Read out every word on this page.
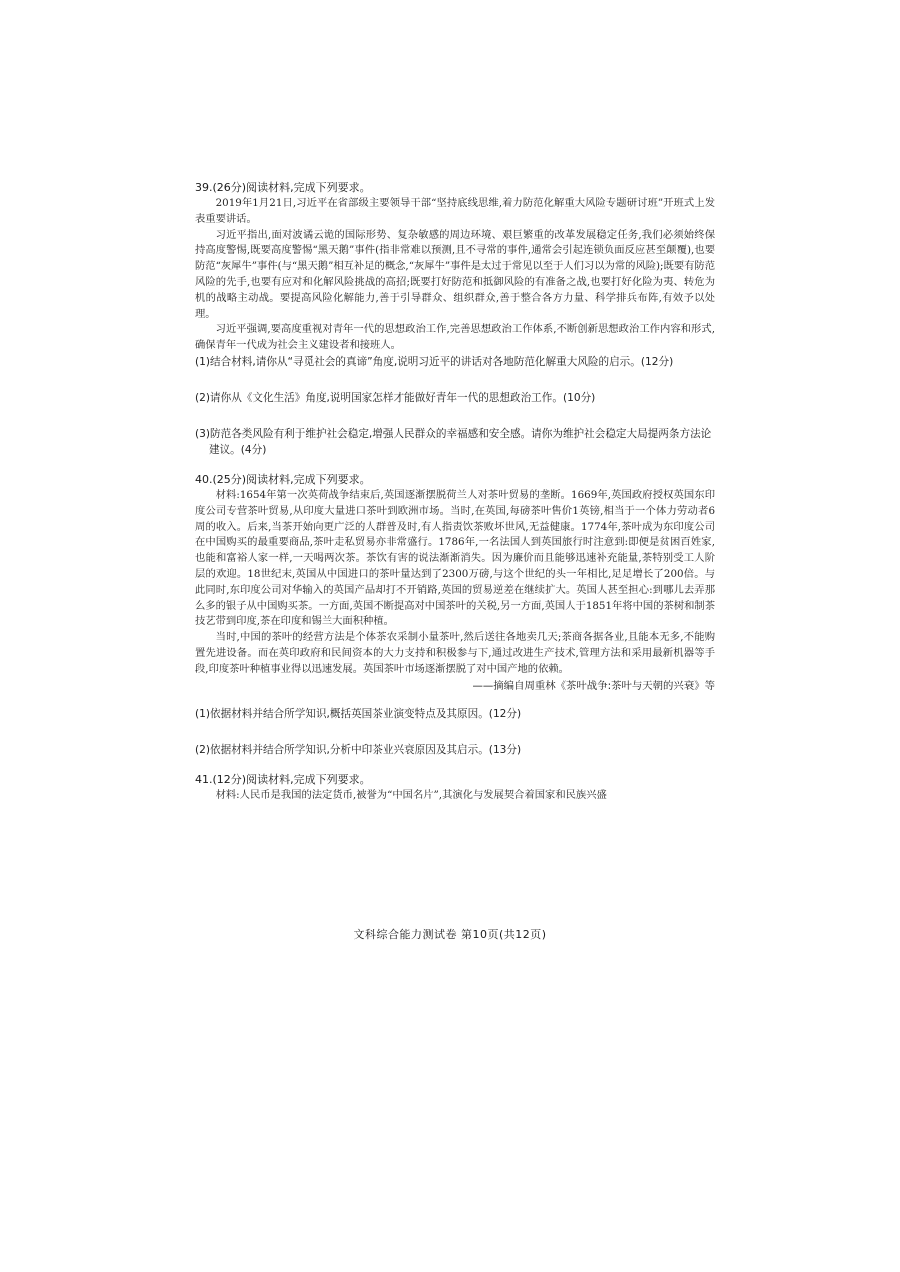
39.(26分)阅读材料,完成下列要求。

2019年1月21日,习近平在省部级主要领导干部“坚持底线思维,着力防范化解重大风险专题研讨班”开班式上发表重要讲话。

习近平指出,面对波谲云诡的国际形势、复杂敏感的周边环境、艰巨繁重的改革发展稳定任务,我们必须始终保持高度警惕,既要高度警惕“黑天鹅”事件(指非常难以预测,且不寻常的事件,通常会引起连锁负面反应甚至颠覆),也要防范“灰犀牛”事件(与“黑天鹅”相互补足的概念,“灰犀牛”事件是太过于常见以至于人们习以为常的风险);既要有防范风险的先手,也要有应对和化解风险挑战的高招;既要打好防范和抵御风险的有准备之战,也要打好化险为夷、转危为机的战略主动战。要提高风险化解能力,善于引导群众、组织群众,善于整合各方力量、科学排兵布阵,有效予以处理。

习近平强调,要高度重视对青年一代的思想政治工作,完善思想政治工作体系,不断创新思想政治工作内容和形式,确保青年一代成为社会主义建设者和接班人。

(1)结合材料,请你从“寻觅社会的真谛”角度,说明习近平的讲话对各地防范化解重大风险的启示。(12分)

(2)请你从《文化生活》角度,说明国家怎样才能做好青年一代的思想政治工作。(10分)

(3)防范各类风险有利于维护社会稳定,增强人民群众的幸福感和安全感。请你为维护社会稳定大局提两条方法论建议。(4分)

40.(25分)阅读材料,完成下列要求。

材料:1654年第一次英荷战争结束后,英国逐渐摆脱荷兰人对茶叶贸易的垄断。1669年,英国政府授权英国东印度公司专营茶叶贸易,从印度大量进口茶叶到欧洲市场。当时,在英国,每磅茶叶售价1英镑,相当于一个体力劳动者6周的收入。后来,当茶开始向更广泛的人群普及时,有人指责饮茶败坏世风,无益健康。1774年,茶叶成为东印度公司在中国购买的最重要商品,茶叶走私贸易亦非常盛行。1786年,一名法国人到英国旅行时注意到:即便是贫困百姓家,也能和富裕人家一样,一天喝两次茶。茶饮有害的说法渐渐消失。因为廉价而且能够迅速补充能量,茶特别受工人阶层的欢迎。18世纪末,英国从中国进口的茶叶量达到了2300万磅,与这个世纪的头一年相比,足足增长了200倍。与此同时,东印度公司对华输入的英国产品却打不开销路,英国的贸易逆差在继续扩大。英国人甚至担心:到哪儿去弄那么多的银子从中国购买茶。一方面,英国不断提高对中国茶叶的关税,另一方面,英国人于1851年将中国的茶树和制茶技艺带到印度,茶在印度和锡兰大面积种植。

当时,中国的茶叶的经营方法是个体茶农采制小量茶叶,然后送往各地卖几天;茶商各据各业,且能本无多,不能购置先进设备。而在英印政府和民间资本的大力支持和积极参与下,通过改进生产技术,管理方法和采用最新机器等手段,印度茶叶种植事业得以迅速发展。英国茶叶市场逐渐摆脱了对中国产地的依赖。

——摘编自周重林《茶叶战争:茶叶与天朝的兴衰》等

(1)依据材料并结合所学知识,概括英国茶业演变特点及其原因。(12分)

(2)依据材料并结合所学知识,分析中印茶业兴衰原因及其启示。(13分)

41.(12分)阅读材料,完成下列要求。

材料:人民币是我国的法定货币,被誉为“中国名片”,其演化与发展契合着国家和民族兴盛

文科综合能力测试卷 第10页(共12页)
